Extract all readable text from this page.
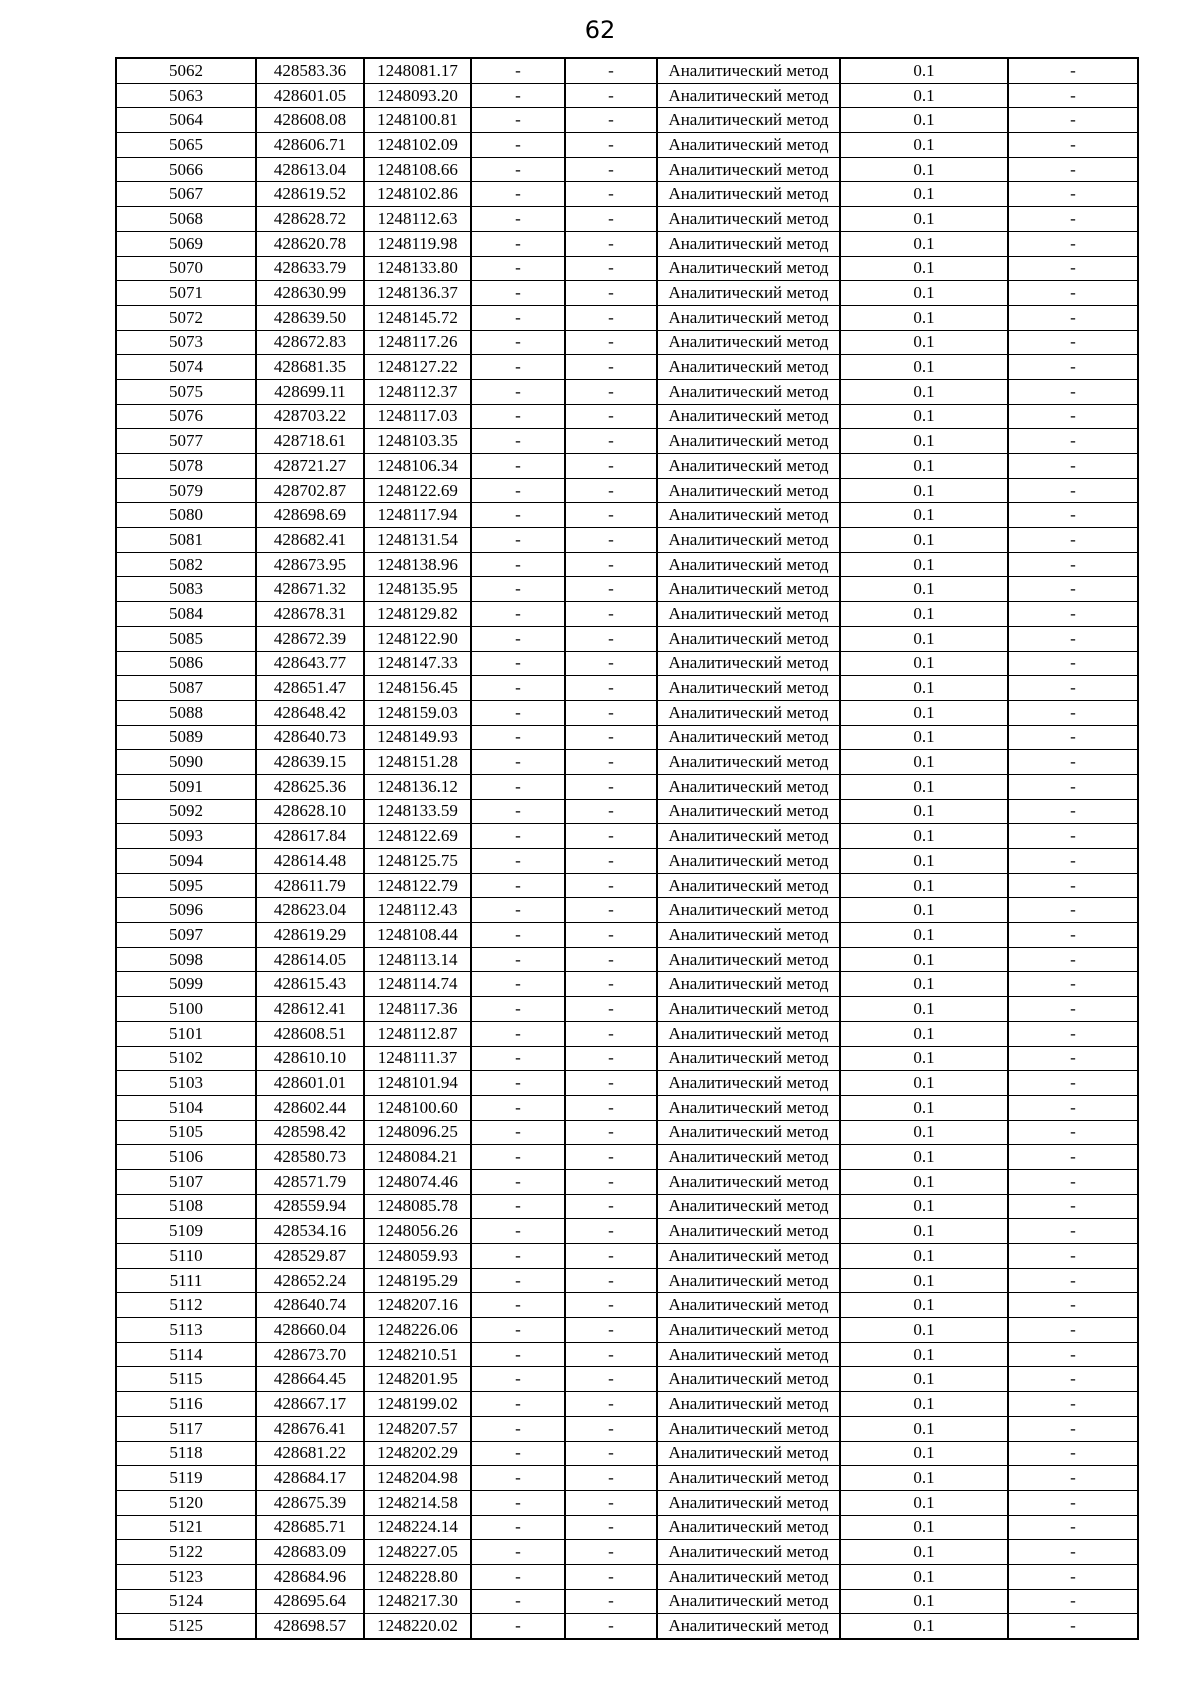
62
5062	428583.36	1248081.17	-	-	Аналитический метод	0.1	-
5063	428601.05	1248093.20	-	-	Аналитический метод	0.1	-
5064	428608.08	1248100.81	-	-	Аналитический метод	0.1	-
5065	428606.71	1248102.09	-	-	Аналитический метод	0.1	-
5066	428613.04	1248108.66	-	-	Аналитический метод	0.1	-
5067	428619.52	1248102.86	-	-	Аналитический метод	0.1	-
5068	428628.72	1248112.63	-	-	Аналитический метод	0.1	-
5069	428620.78	1248119.98	-	-	Аналитический метод	0.1	-
5070	428633.79	1248133.80	-	-	Аналитический метод	0.1	-
5071	428630.99	1248136.37	-	-	Аналитический метод	0.1	-
5072	428639.50	1248145.72	-	-	Аналитический метод	0.1	-
5073	428672.83	1248117.26	-	-	Аналитический метод	0.1	-
5074	428681.35	1248127.22	-	-	Аналитический метод	0.1	-
5075	428699.11	1248112.37	-	-	Аналитический метод	0.1	-
5076	428703.22	1248117.03	-	-	Аналитический метод	0.1	-
5077	428718.61	1248103.35	-	-	Аналитический метод	0.1	-
5078	428721.27	1248106.34	-	-	Аналитический метод	0.1	-
5079	428702.87	1248122.69	-	-	Аналитический метод	0.1	-
5080	428698.69	1248117.94	-	-	Аналитический метод	0.1	-
5081	428682.41	1248131.54	-	-	Аналитический метод	0.1	-
5082	428673.95	1248138.96	-	-	Аналитический метод	0.1	-
5083	428671.32	1248135.95	-	-	Аналитический метод	0.1	-
5084	428678.31	1248129.82	-	-	Аналитический метод	0.1	-
5085	428672.39	1248122.90	-	-	Аналитический метод	0.1	-
5086	428643.77	1248147.33	-	-	Аналитический метод	0.1	-
5087	428651.47	1248156.45	-	-	Аналитический метод	0.1	-
5088	428648.42	1248159.03	-	-	Аналитический метод	0.1	-
5089	428640.73	1248149.93	-	-	Аналитический метод	0.1	-
5090	428639.15	1248151.28	-	-	Аналитический метод	0.1	-
5091	428625.36	1248136.12	-	-	Аналитический метод	0.1	-
5092	428628.10	1248133.59	-	-	Аналитический метод	0.1	-
5093	428617.84	1248122.69	-	-	Аналитический метод	0.1	-
5094	428614.48	1248125.75	-	-	Аналитический метод	0.1	-
5095	428611.79	1248122.79	-	-	Аналитический метод	0.1	-
5096	428623.04	1248112.43	-	-	Аналитический метод	0.1	-
5097	428619.29	1248108.44	-	-	Аналитический метод	0.1	-
5098	428614.05	1248113.14	-	-	Аналитический метод	0.1	-
5099	428615.43	1248114.74	-	-	Аналитический метод	0.1	-
5100	428612.41	1248117.36	-	-	Аналитический метод	0.1	-
5101	428608.51	1248112.87	-	-	Аналитический метод	0.1	-
5102	428610.10	1248111.37	-	-	Аналитический метод	0.1	-
5103	428601.01	1248101.94	-	-	Аналитический метод	0.1	-
5104	428602.44	1248100.60	-	-	Аналитический метод	0.1	-
5105	428598.42	1248096.25	-	-	Аналитический метод	0.1	-
5106	428580.73	1248084.21	-	-	Аналитический метод	0.1	-
5107	428571.79	1248074.46	-	-	Аналитический метод	0.1	-
5108	428559.94	1248085.78	-	-	Аналитический метод	0.1	-
5109	428534.16	1248056.26	-	-	Аналитический метод	0.1	-
5110	428529.87	1248059.93	-	-	Аналитический метод	0.1	-
5111	428652.24	1248195.29	-	-	Аналитический метод	0.1	-
5112	428640.74	1248207.16	-	-	Аналитический метод	0.1	-
5113	428660.04	1248226.06	-	-	Аналитический метод	0.1	-
5114	428673.70	1248210.51	-	-	Аналитический метод	0.1	-
5115	428664.45	1248201.95	-	-	Аналитический метод	0.1	-
5116	428667.17	1248199.02	-	-	Аналитический метод	0.1	-
5117	428676.41	1248207.57	-	-	Аналитический метод	0.1	-
5118	428681.22	1248202.29	-	-	Аналитический метод	0.1	-
5119	428684.17	1248204.98	-	-	Аналитический метод	0.1	-
5120	428675.39	1248214.58	-	-	Аналитический метод	0.1	-
5121	428685.71	1248224.14	-	-	Аналитический метод	0.1	-
5122	428683.09	1248227.05	-	-	Аналитический метод	0.1	-
5123	428684.96	1248228.80	-	-	Аналитический метод	0.1	-
5124	428695.64	1248217.30	-	-	Аналитический метод	0.1	-
5125	428698.57	1248220.02	-	-	Аналитический метод	0.1	-
